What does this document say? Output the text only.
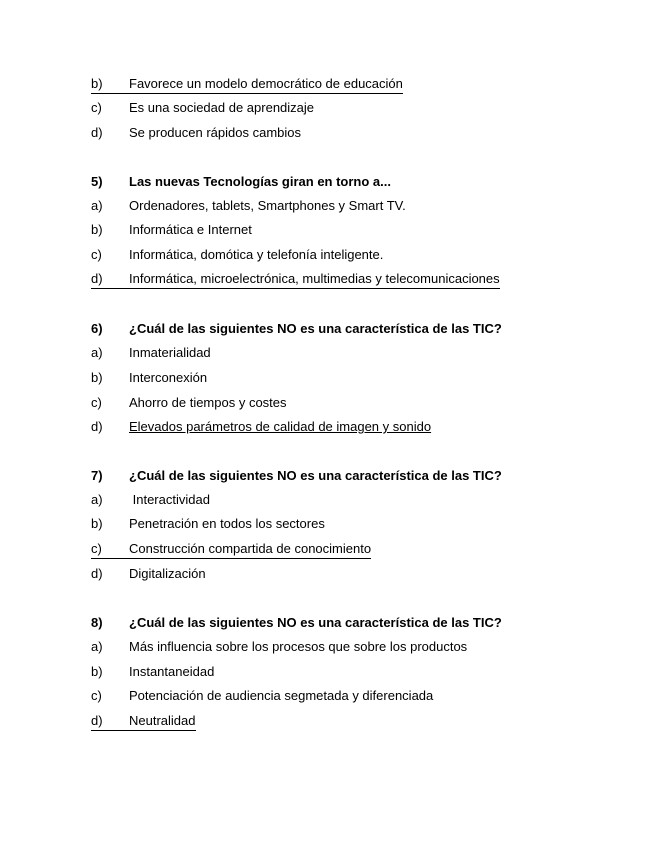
b) Favorece un modelo democrático de educación
c) Es una sociedad de aprendizaje
d) Se producen rápidos cambios
5) Las nuevas Tecnologías giran en torno a...
a) Ordenadores, tablets, Smartphones y Smart TV.
b) Informática e Internet
c) Informática, domótica y telefonía inteligente.
d) Informática, microelectrónica, multimedias y telecomunicaciones
6) ¿Cuál de las siguientes NO es una característica de las TIC?
a) Inmaterialidad
b) Interconexión
c) Ahorro de tiempos y costes
d) Elevados parámetros de calidad de imagen y sonido
7) ¿Cuál de las siguientes NO es una característica de las TIC?
a) Interactividad
b) Penetración en todos los sectores
c) Construcción compartida de conocimiento
d) Digitalización
8) ¿Cuál de las siguientes NO es una característica de las TIC?
a) Más influencia sobre los procesos que sobre los productos
b) Instantaneidad
c) Potenciación de audiencia segmetada y diferenciada
d) Neutralidad
